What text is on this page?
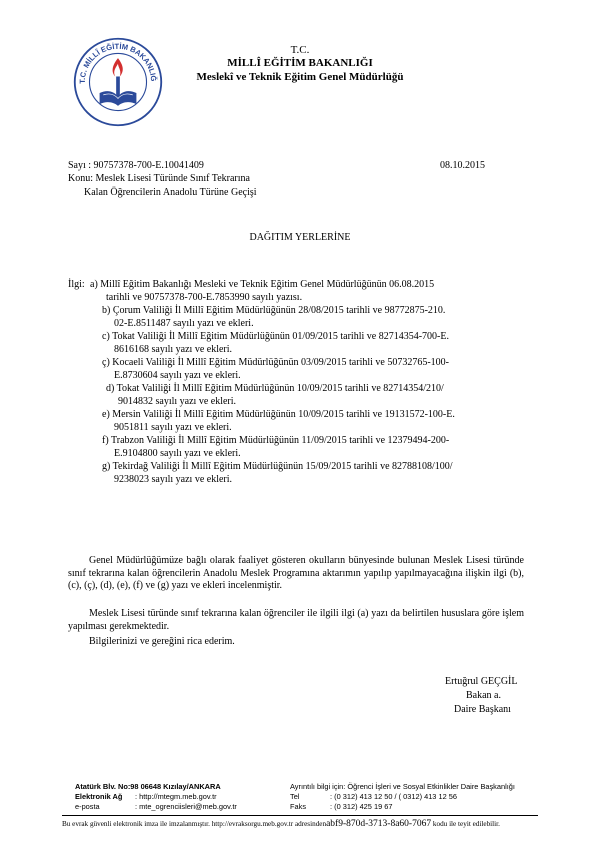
T.C. MİLLÎ EĞİTİM BAKANLIĞ
T.C.
MİLLÎ EĞİTİM BAKANLIĞI
Meslekî ve Teknik Eğitim Genel Müdürlüğü
Sayı : 90757378-700-E.10041409	08.10.2015
Konu: Meslek Lisesi Türünde Sınıf Tekrarına
Kalan Öğrencilerin Anadolu Türüne Geçişi
DAĞITIM YERLERİNE
İlgi: a) Millî Eğitim Bakanlığı Mesleki ve Teknik Eğitim Genel Müdürlüğünün 06.08.2015
tarihli ve 90757378-700-E.7853990 sayılı yazısı.
b) Çorum Valiliği İl Millî Eğitim Müdürlüğünün 28/08/2015 tarihli ve 98772875-210.
02-E.8511487 sayılı yazı ve ekleri.
c) Tokat Valiliği İl Millî Eğitim Müdürlüğünün 01/09/2015 tarihli ve 82714354-700-E.
8616168 sayılı yazı ve ekleri.
ç) Kocaeli Valiliği İl Millî Eğitim Müdürlüğünün 03/09/2015 tarihli ve 50732765-100-
E.8730604 sayılı yazı ve ekleri.
d) Tokat Valiliği İl Millî Eğitim Müdürlüğünün 10/09/2015 tarihli ve 82714354/210/
9014832 sayılı yazı ve ekleri.
e) Mersin Valiliği İl Millî Eğitim Müdürlüğünün 10/09/2015 tarihli ve 19131572-100-E.
9051811 sayılı yazı ve ekleri.
f) Trabzon Valiliği İl Millî Eğitim Müdürlüğünün 11/09/2015 tarihli ve 12379494-200-
E.9104800 sayılı yazı ve ekleri.
g) Tekirdağ Valiliği İl Millî Eğitim Müdürlüğünün 15/09/2015 tarihli ve 82788108/100/
9238023 sayılı yazı ve ekleri.
Genel Müdürlüğümüze bağlı olarak faaliyet gösteren okulların bünyesinde bulunan Meslek Lisesi türünde sınıf tekrarına kalan öğrencilerin Anadolu Meslek Programına aktarımın yapılıp yapılmayacağına ilişkin ilgi (b), (c), (ç), (d), (e), (f) ve (g) yazı ve ekleri incelenmiştir.
Meslek Lisesi türünde sınıf tekrarına kalan öğrenciler ile ilgili ilgi (a) yazı da belirtilen hususlara göre işlem yapılması gerekmektedir.
Bilgilerinizi ve gereğini rica ederim.
Ertuğrul GEÇGİL
Bakan a.
Daire Başkanı
Atatürk Blv. No:98 06648 Kızılay/ANKARA
Elektronik Ağ : http://mtegm.meb.gov.tr
e-posta	: mte_ogrenciisleri@meb.gov.tr
Ayrıntılı bilgi için: Öğrenci İşleri ve Sosyal Etkinlikler Daire Başkanlığı
Tel	: (0 312) 413 12 50 / ( 0312) 413 12 56
Faks	: (0 312) 425 19 67
Bu evrak güvenli elektronik imza ile imzalanmıştır. http://evraksorgu.meb.gov.tr adresindenabf9-870d-3713-8a60-7067 kodu ile teyit edilebilir.
